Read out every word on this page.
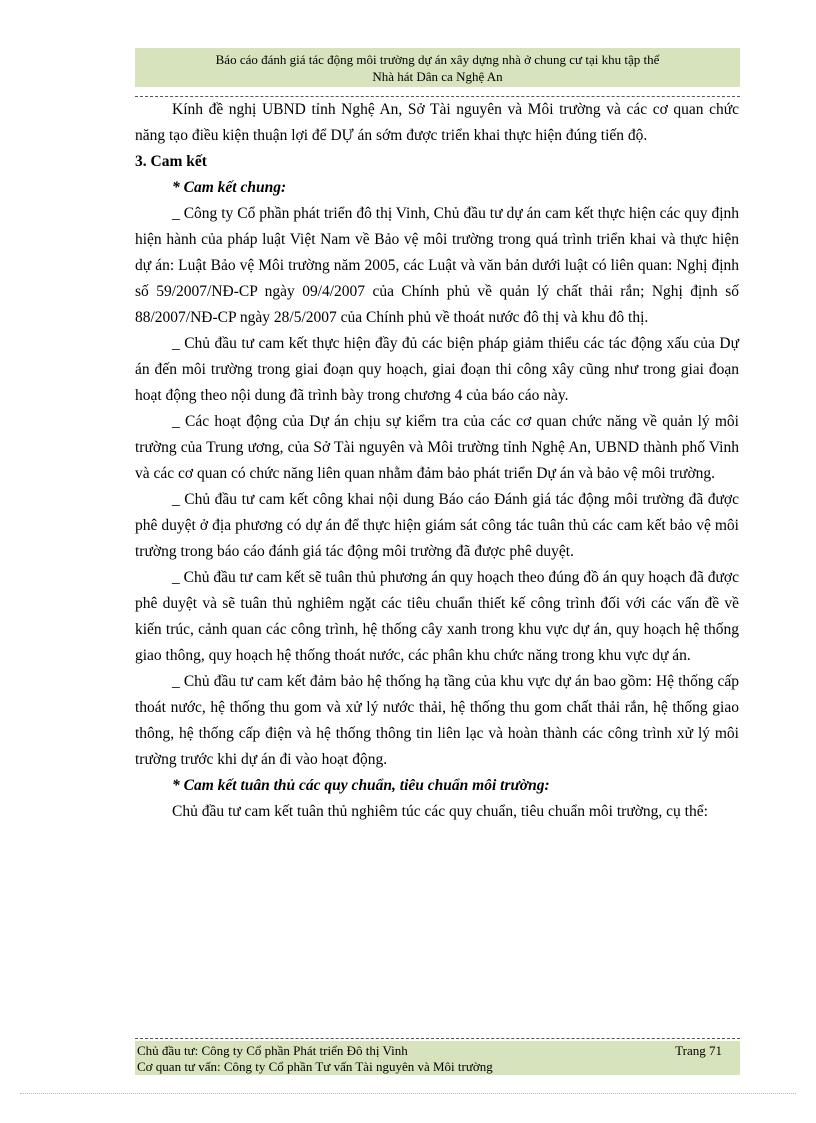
Báo cáo đánh giá tác động môi trường dự án xây dựng nhà ở chung cư tại khu tập thể
Nhà hát Dân ca Nghệ An

Kính đề nghị UBND tỉnh Nghệ An, Sở Tài nguyên và Môi trường và các cơ quan chức năng tạo điều kiện thuận lợi để DỰ án sớm được triển khai thực hiện đúng tiến độ.

3. Cam kết

* Cam kết chung:

_ Công ty Cổ phần phát triển đô thị Vinh, Chủ đầu tư dự án cam kết thực hiện các quy định hiện hành của pháp luật Việt Nam về Bảo vệ môi trường trong quá trình triển khai và thực hiện dự án: Luật Bảo vệ Môi trường năm 2005, các Luật và văn bản dưới luật có liên quan: Nghị định số 59/2007/NĐ-CP ngày 09/4/2007 của Chính phủ về quản lý chất thải rắn; Nghị định số 88/2007/NĐ-CP ngày 28/5/2007 của Chính phủ về thoát nước đô thị và khu đô thị.

_ Chủ đầu tư cam kết thực hiện đầy đủ các biện pháp giảm thiểu các tác động xấu của Dự án đến môi trường trong giai đoạn quy hoạch, giai đoạn thi công xây cũng như trong giai đoạn hoạt động theo nội dung đã trình bày trong chương 4 của báo cáo này.

_ Các hoạt động của Dự án chịu sự kiểm tra của các cơ quan chức năng về quản lý môi trường của Trung ương, của Sở Tài nguyên và Môi trường tỉnh Nghệ An, UBND thành phố Vinh và các cơ quan có chức năng liên quan nhằm đảm bảo phát triển Dự án và bảo vệ môi trường.

_ Chủ đầu tư cam kết công khai nội dung Báo cáo Đánh giá tác động môi trường đã được phê duyệt ở địa phương có dự án để thực hiện giám sát công tác tuân thủ các cam kết bảo vệ môi trường trong báo cáo đánh giá tác động môi trường đã được phê duyệt.

_ Chủ đầu tư cam kết sẽ tuân thủ phương án quy hoạch theo đúng đồ án quy hoạch đã được phê duyệt và sẽ tuân thủ nghiêm ngặt các tiêu chuẩn thiết kế công trình đối với các vấn đề về kiến trúc, cảnh quan các công trình, hệ thống cây xanh trong khu vực dự án, quy hoạch hệ thống giao thông, quy hoạch hệ thống thoát nước, các phân khu chức năng trong khu vực dự án.

_ Chủ đầu tư cam kết đảm bảo hệ thống hạ tầng của khu vực dự án bao gồm: Hệ thống cấp thoát nước, hệ thống thu gom và xử lý nước thải, hệ thống thu gom chất thải rắn, hệ thống giao thông, hệ thống cấp điện và hệ thống thông tin liên lạc và hoàn thành các công trình xử lý môi trường trước khi dự án đi vào hoạt động.

* Cam kết tuân thủ các quy chuẩn, tiêu chuẩn môi trường:

Chủ đầu tư cam kết tuân thủ nghiêm túc các quy chuẩn, tiêu chuẩn môi trường, cụ thể:

Chủ đầu tư: Công ty Cổ phần Phát triển Đô thị Vinh
Cơ quan tư vấn: Công ty Cổ phần Tư vấn Tài nguyên và Môi trường
Trang 71
